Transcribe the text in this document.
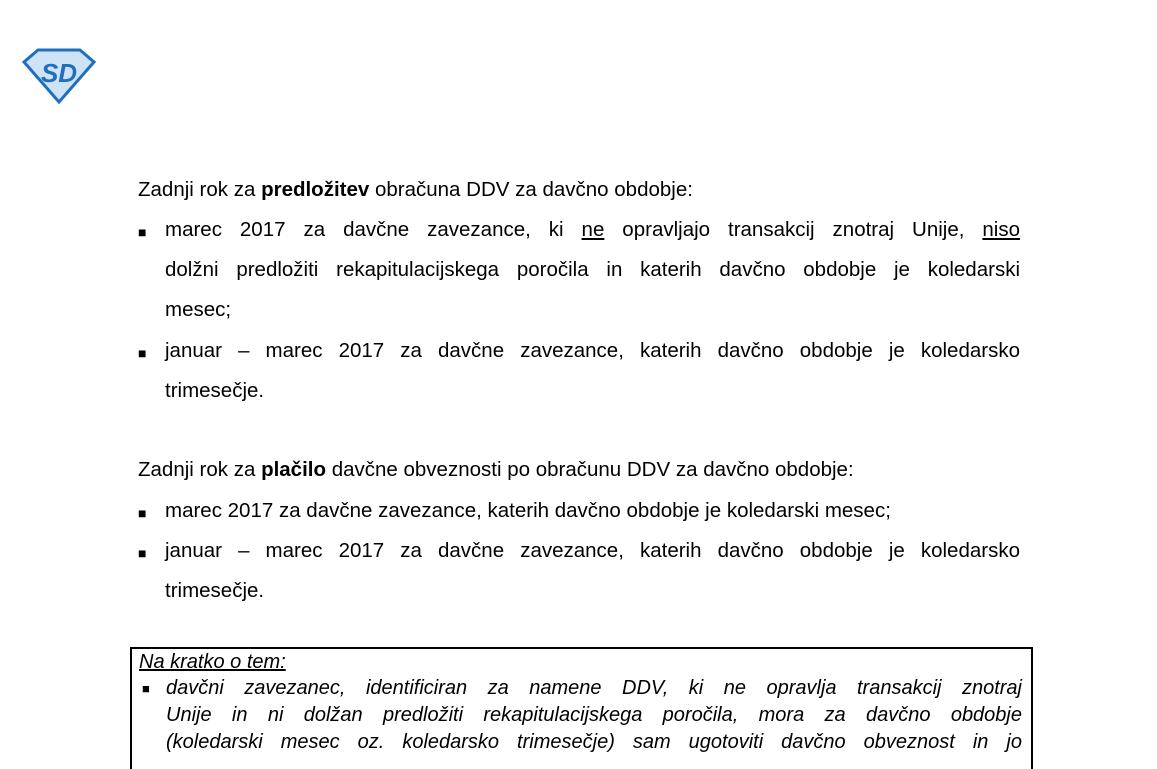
SD
Zadnji rok za predložitev obračuna DDV za davčno obdobje:
■ marec 2017 za davčne zavezance, ki ne opravljajo transakcij znotraj Unije, niso
dolžni predložiti rekapitulacijskega poročila in katerih davčno obdobje je koledarski
mesec;
■ januar – marec 2017 za davčne zavezance, katerih davčno obdobje je koledarsko
trimesečje.
Zadnji rok za plačilo davčne obveznosti po obračunu DDV za davčno obdobje:
■ marec 2017 za davčne zavezance, katerih davčno obdobje je koledarski mesec;
■ januar – marec 2017 za davčne zavezance, katerih davčno obdobje je koledarsko
trimesečje.
Na kratko o tem:
■ davčni zavezanec, identificiran za namene DDV, ki ne opravlja transakcij znotraj
Unije in ni dolžan predložiti rekapitulacijskega poročila, mora za davčno obdobje
(koledarski mesec oz. koledarsko trimesečje) sam ugotoviti davčno obveznost in jo
